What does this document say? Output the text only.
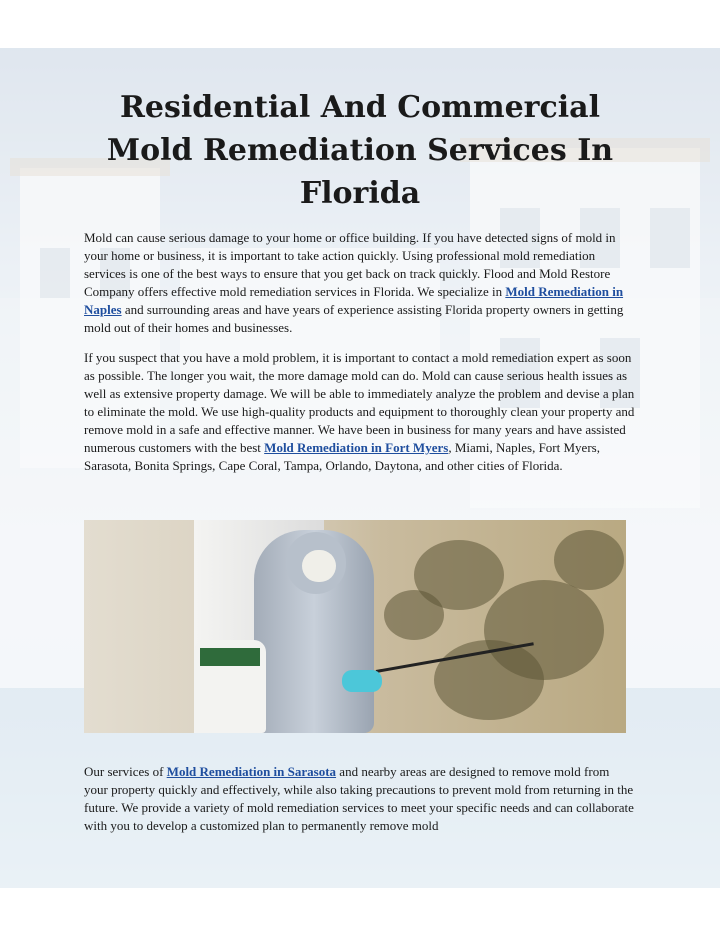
Residential And Commercial
Mold Remediation Services In
Florida

Mold can cause serious damage to your home or office building. If you have detected signs of mold in your home or business, it is important to take action quickly. Using professional mold remediation services is one of the best ways to ensure that you get back on track quickly. Flood and Mold Restore Company offers effective mold remediation services in Florida. We specialize in Mold Remediation in Naples and surrounding areas and have years of experience assisting Florida property owners in getting mold out of their homes and businesses.

If you suspect that you have a mold problem, it is important to contact a mold remediation expert as soon as possible. The longer you wait, the more damage mold can do. Mold can cause serious health issues as well as extensive property damage. We will be able to immediately analyze the problem and devise a plan to eliminate the mold. We use high-quality products and equipment to thoroughly clean your property and remove mold in a safe and effective manner. We have been in business for many years and have assisted numerous customers with the best Mold Remediation in Fort Myers, Miami, Naples, Fort Myers, Sarasota, Bonita Springs, Cape Coral, Tampa, Orlando, Daytona, and other cities of Florida.

Our services of Mold Remediation in Sarasota and nearby areas are designed to remove mold from your property quickly and effectively, while also taking precautions to prevent mold from returning in the future. We provide a variety of mold remediation services to meet your specific needs and can collaborate with you to develop a customized plan to permanently remove mold
